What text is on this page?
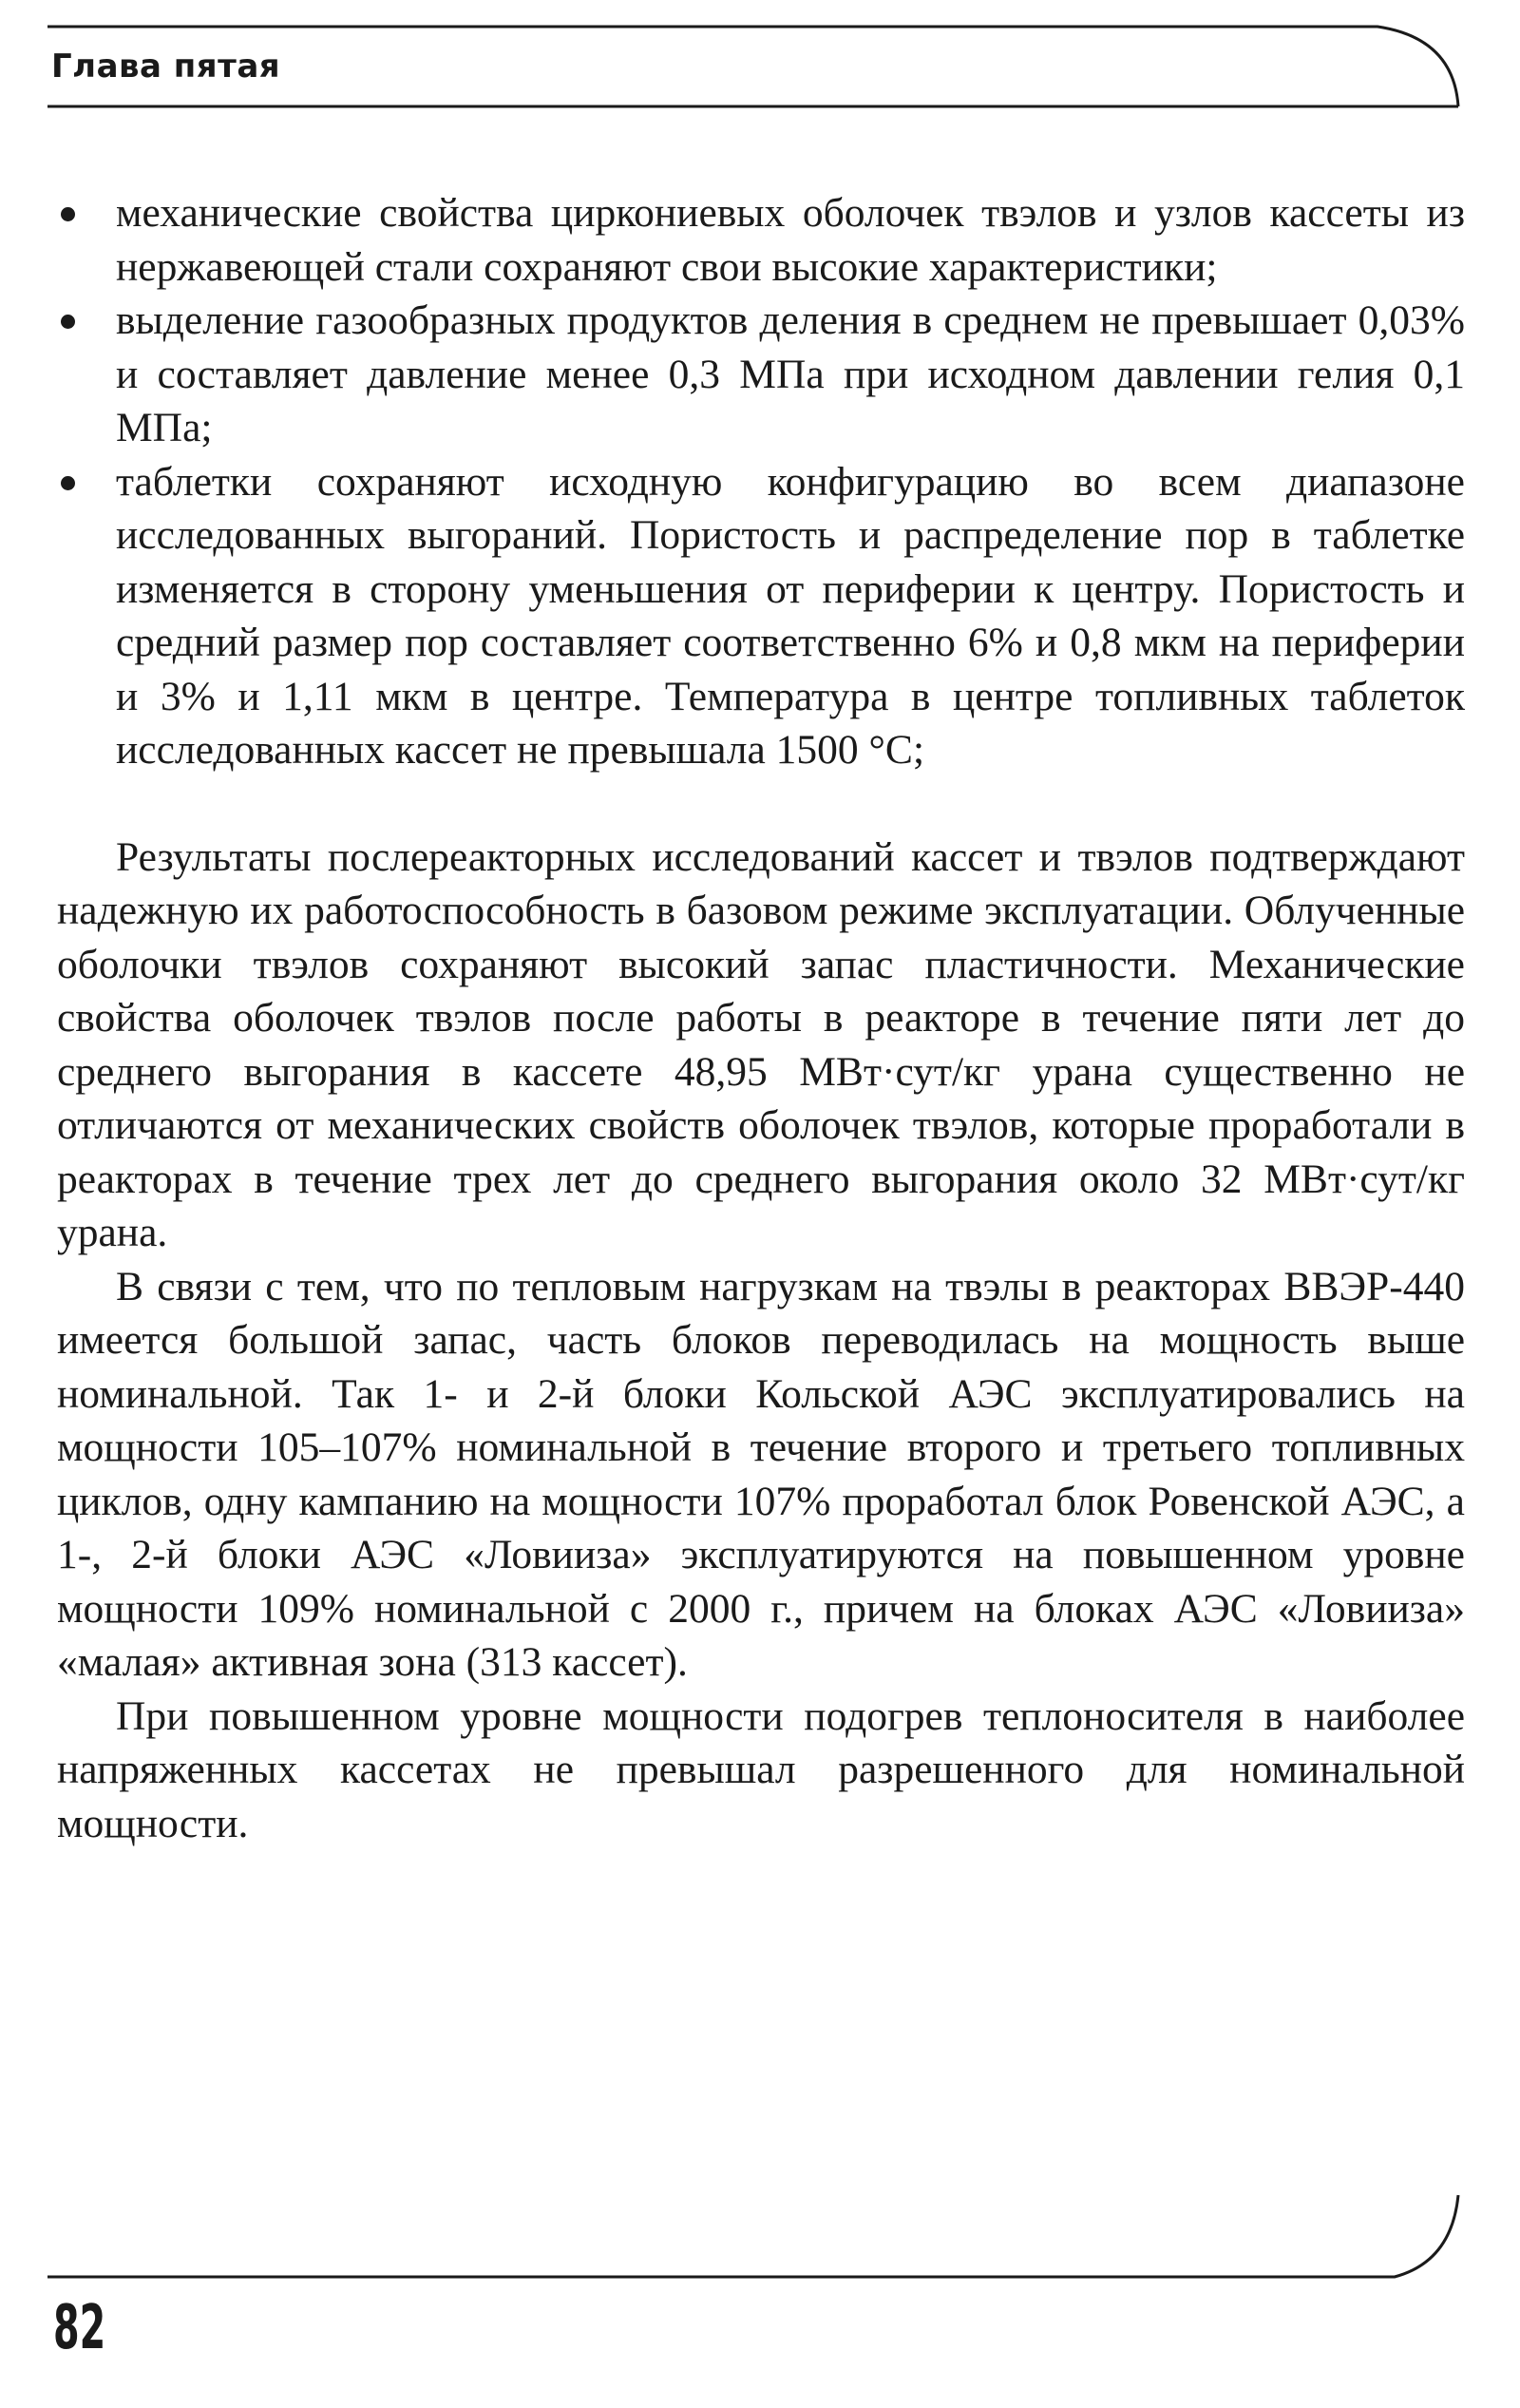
Глава пятая
механические свойства циркониевых оболочек твэлов и узлов кассеты из нержавеющей стали сохраняют свои высокие характеристики;
выделение газообразных продуктов деления в среднем не превышает 0,03% и составляет давление менее 0,3 МПа при исходном давлении гелия 0,1 МПа;
таблетки сохраняют исходную конфигурацию во всем диапазоне исследованных выгораний. Пористость и распределение пор в таблетке изменяется в сторону уменьшения от периферии к центру. Пористость и средний размер пор составляет соответственно 6% и 0,8 мкм на периферии и 3% и 1,11 мкм в центре. Температура в центре топливных таблеток исследованных кассет не превышала 1500 °С;

Результаты послереакторных исследований кассет и твэлов подтверждают надежную их работоспособность в базовом режиме эксплуатации. Облученные оболочки твэлов сохраняют высокий запас пластичности. Механические свойства оболочек твэлов после работы в реакторе в течение пяти лет до среднего выгорания в кассете 48,95 МВт·сут/кг урана существенно не отличаются от механических свойств оболочек твэлов, которые проработали в реакторах в течение трех лет до среднего выгорания около 32 МВт·сут/кг урана.

В связи с тем, что по тепловым нагрузкам на твэлы в реакторах ВВЭР-440 имеется большой запас, часть блоков переводилась на мощность выше номинальной. Так 1- и 2-й блоки Кольской АЭС эксплуатировались на мощности 105–107% номинальной в течение второго и третьего топливных циклов, одну кампанию на мощности 107% проработал блок Ровенской АЭС, а 1-, 2-й блоки АЭС «Ловииза» эксплуатируются на повышенном уровне мощности 109% номинальной с 2000 г., причем на блоках АЭС «Ловииза» «малая» активная зона (313 кассет).

При повышенном уровне мощности подогрев теплоносителя в наиболее напряженных кассетах не превышал разрешенного для номинальной мощности.

82
